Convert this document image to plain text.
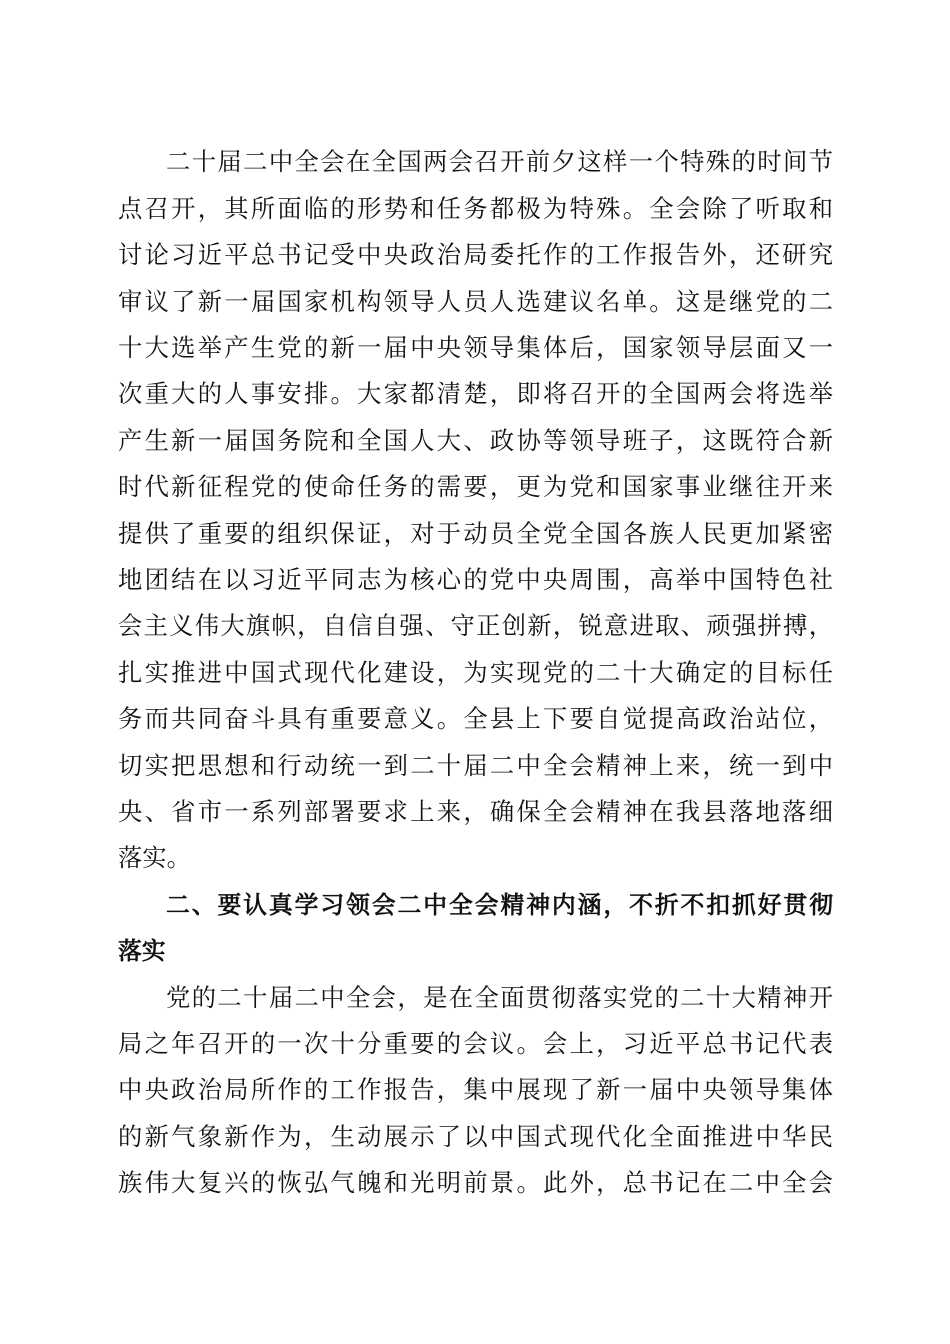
二十届二中全会在全国两会召开前夕这样一个特殊的时间节

点召开，其所面临的形势和任务都极为特殊。全会除了听取和

讨论习近平总书记受中央政治局委托作的工作报告外，还研究

审议了新一届国家机构领导人员人选建议名单。这是继党的二

十大选举产生党的新一届中央领导集体后，国家领导层面又一

次重大的人事安排。大家都清楚，即将召开的全国两会将选举

产生新一届国务院和全国人大、政协等领导班子，这既符合新

时代新征程党的使命任务的需要，更为党和国家事业继往开来

提供了重要的组织保证，对于动员全党全国各族人民更加紧密

地团结在以习近平同志为核心的党中央周围，高举中国特色社

会主义伟大旗帜，自信自强、守正创新，锐意进取、顽强拼搏，

扎实推进中国式现代化建设，为实现党的二十大确定的目标任

务而共同奋斗具有重要意义。全县上下要自觉提高政治站位，

切实把思想和行动统一到二十届二中全会精神上来，统一到中

央、省市一系列部署要求上来，确保全会精神在我县落地落细

落实。

二、要认真学习领会二中全会精神内涵，不折不扣抓好贯彻

落实

党的二十届二中全会，是在全面贯彻落实党的二十大精神开

局之年召开的一次十分重要的会议。会上，习近平总书记代表

中央政治局所作的工作报告，集中展现了新一届中央领导集体

的新气象新作为，生动展示了以中国式现代化全面推进中华民

族伟大复兴的恢弘气魄和光明前景。此外，总书记在二中全会
